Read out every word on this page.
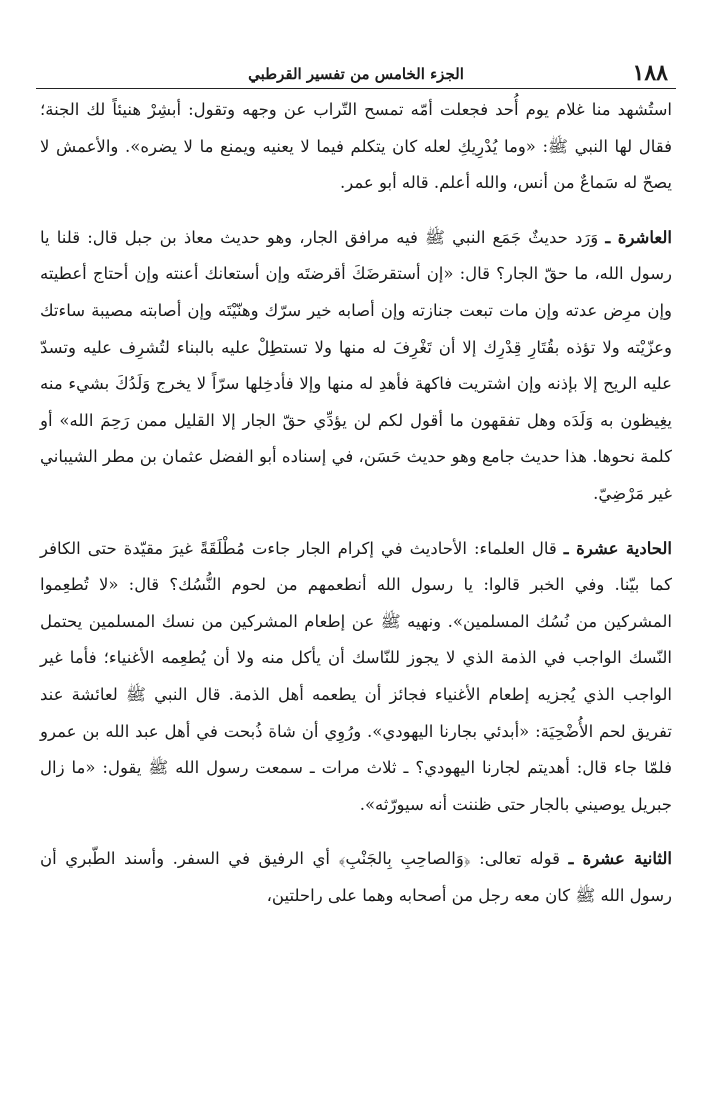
١٨٨
الجزء الخامس من تفسير القرطبي

استُشهد منا غلام يوم أُحد فجعلت أمّه تمسح التّراب عن وجهه وتقول: أبشِرْ هنيئاً لك الجنة؛ فقال لها النبي ﷺ: «وما يُدْرِيكِ لعله كان يتكلم فيما لا يعنيه ويمنع ما لا يضره». والأعمش لا يصحّ له سَماعٌ من أنس، والله أعلم. قاله أبو عمر.

العاشرة ـ وَرَد حديثٌ جَمَع النبي ﷺ فيه مرافق الجار، وهو حديث معاذ بن جبل قال: قلنا يا رسول الله، ما حقّ الجار؟ قال: «إن أستقرضَكَ أقرضتَه وإن أستعانك أعنته وإن أحتاج أعطيته وإن مرِض عدته وإن مات تبعت جنازته وإن أصابه خير سرّك وهنّيْتَه وإن أصابته مصيبة ساءتك وعزّيْته ولا تؤذه بقُتَارِ قِدْرِك إلا أن تَغْرِفَ له منها ولا تستطِلْ عليه بالبناء لتُشرِف عليه وتسدّ عليه الريح إلا بإذنه وإن اشتريت فاكهة فأهدِ له منها وإلا فأدخِلها سرّاً لا يخرج وَلَدُكَ بشيء منه يغِيظون به وَلَدَه وهل تفقهون ما أقول لكم لن يؤدِّي حقّ الجار إلا القليل ممن رَحِمَ الله» أو كلمة نحوها. هذا حديث جامع وهو حديث حَسَن، في إسناده أبو الفضل عثمان بن مطر الشيباني غير مَرْضِيّ.

الحادية عشرة ـ قال العلماء: الأحاديث في إكرام الجار جاءت مُطْلَقَةً غيرَ مقيّدة حتى الكافر كما بيّنا. وفي الخبر قالوا: يا رسول الله أنطعمهم من لحوم النُّسُك؟ قال: «لا تُطعِموا المشركين من نُسُك المسلمين». ونهيه ﷺ عن إطعام المشركين من نسك المسلمين يحتمل النّسك الواجب في الذمة الذي لا يجوز للنّاسك أن يأكل منه ولا أن يُطعِمه الأغنياء؛ فأما غير الواجب الذي يُجزيه إطعام الأغنياء فجائز أن يطعمه أهل الذمة. قال النبي ﷺ لعائشة عند تفريق لحم الأُضْحِيَة: «أبدئي بجارنا اليهودي». ورُوِي أن شاة ذُبحت في أهل عبد الله بن عمرو فلمّا جاء قال: أهديتم لجارنا اليهودي؟ ـ ثلاث مرات ـ سمعت رسول الله ﷺ يقول: «ما زال جبريل يوصيني بالجار حتى ظننت أنه سيورّثه».

الثانية عشرة ـ قوله تعالى: ﴿وَالصاحِبِ بِالجَنْبِ﴾ أي الرفيق في السفر. وأسند الطّبري أن رسول الله ﷺ كان معه رجل من أصحابه وهما على راحلتين،
